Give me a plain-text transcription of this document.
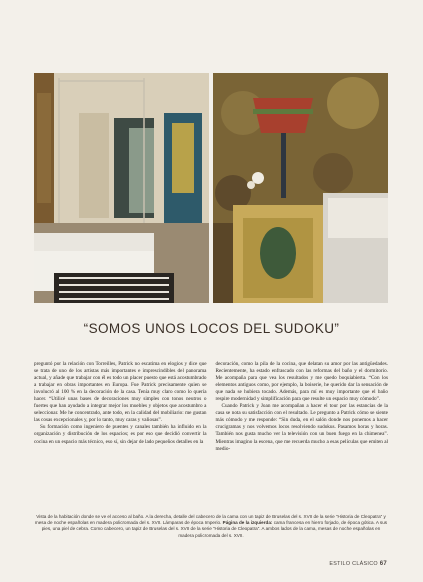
“SOMOS UNOS LOCOS DEL SUDOKU”

preguntó por la relación con Torreilles, Patrick no escatima en elogios y dice que se trata de uno de los artistas más importantes e imprescindibles del panorama actual, y añade que trabajar con él es todo un placer puesto que está acostumbrado a trabajar en obras importantes en Europa. Fue Patrick precisamente quien se involucró al 100 % en la decoración de la casa. Tenía muy claro como lo quería hacer. “Utilicé unas bases de decoraciones muy simples con tonos neutros o fuertes que han ayudado a integrar mejor los muebles y objetos que acostumbro a seleccionar. Me he concentrado, ante todo, en la calidad del mobiliario: me gustan las cosas excepcionales y, por lo tanto, muy caras y valiosas”.

Su formación como ingeniero de puentes y canales también ha influido en la organización y distribución de los espacios; es por eso que decidió convertir la cocina en un espacio más técnico, eso sí, sin dejar de lado pequeños detalles en la

decoración, como la pila de la cocina, que delatan su amor por las antigüedades. Recientemente, ha estado enfrascado con las reformas del baño y el dormitorio. Me acompaña para que vea los resultados y me quedo boquiabierta. “Con los elementos antiguos como, por ejemplo, la boiserie, he querido dar la sensación de que nada se hubiera tocado. Además, para mí es muy importante que el baño respire modernidad y simplificación para que resulte un espacio muy cómodo”.

Cuando Patrick y Joan me acompañan a hacer el tour por las estancias de la casa se nota su satisfacción con el resultado. Le pregunto a Patrick cómo se siente más cómodo y me responde: “Sin duda, en el salón donde nos ponemos a hacer crucigramas y nos volvemos locos resolviendo sudokus. Pasamos horas y horas. También nos gusta mucho ver la televisión con un buen fuego en la chimenea”. Mientras imagino la escena, que me recuerda mucho a esas películas que emiten al medio-

Vista de la habitación donde se ve el acceso al baño. A la derecha, detalle del cabecero de la cama con un tapiz de Bruselas del s. XVII de la serie “Historia de Cleopatra” y mesa de noche españolas en madera policromada del s. XVII. Lámparas de época Imperio. Página de la izquierda: cama francesa en hierro forjado, de época gótica. A sus pies, una piel de cebra. Como cabecero, un tapiz de Bruselas del s. XVII de la serie “Historia de Cleopatra”. A ambos lados de la cama, mesas de noche españolas en madera policromada del s. XVII.
ESTILO CLÁSICO 67
